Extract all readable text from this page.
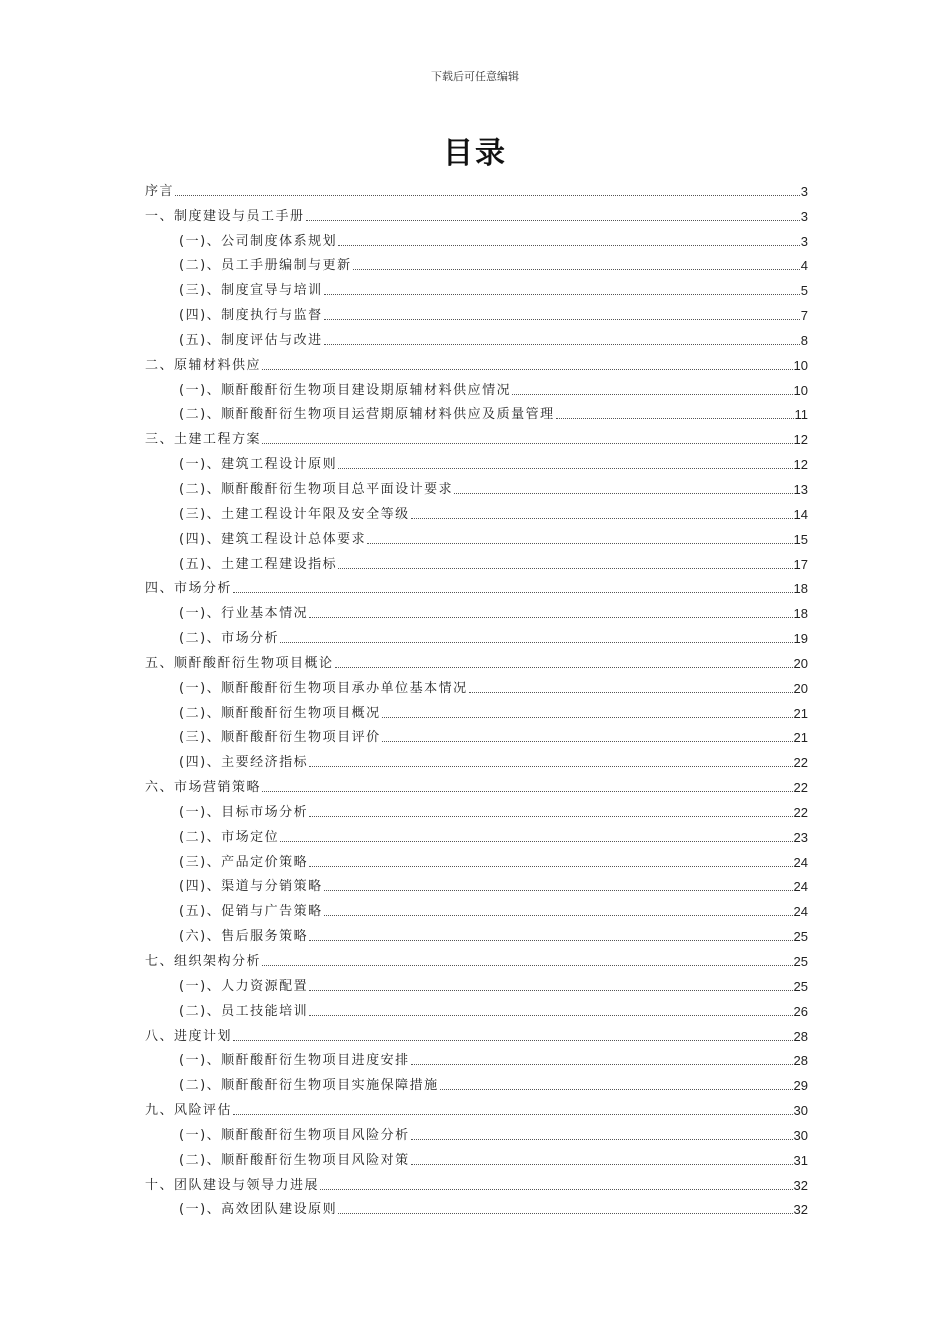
下载后可任意编辑
目录
序言	3
一、制度建设与员工手册	3
(一)、公司制度体系规划	3
(二)、员工手册编制与更新	4
(三)、制度宣导与培训	5
(四)、制度执行与监督	7
(五)、制度评估与改进	8
二、原辅材料供应	10
(一)、顺酐酸酐衍生物项目建设期原辅材料供应情况	10
(二)、顺酐酸酐衍生物项目运营期原辅材料供应及质量管理	11
三、土建工程方案	12
(一)、建筑工程设计原则	12
(二)、顺酐酸酐衍生物项目总平面设计要求	13
(三)、土建工程设计年限及安全等级	14
(四)、建筑工程设计总体要求	15
(五)、土建工程建设指标	17
四、市场分析	18
(一)、行业基本情况	18
(二)、市场分析	19
五、顺酐酸酐衍生物项目概论	20
(一)、顺酐酸酐衍生物项目承办单位基本情况	20
(二)、顺酐酸酐衍生物项目概况	21
(三)、顺酐酸酐衍生物项目评价	21
(四)、主要经济指标	22
六、市场营销策略	22
(一)、目标市场分析	22
(二)、市场定位	23
(三)、产品定价策略	24
(四)、渠道与分销策略	24
(五)、促销与广告策略	24
(六)、售后服务策略	25
七、组织架构分析	25
(一)、人力资源配置	25
(二)、员工技能培训	26
八、进度计划	28
(一)、顺酐酸酐衍生物项目进度安排	28
(二)、顺酐酸酐衍生物项目实施保障措施	29
九、风险评估	30
(一)、顺酐酸酐衍生物项目风险分析	30
(二)、顺酐酸酐衍生物项目风险对策	31
十、团队建设与领导力进展	32
(一)、高效团队建设原则	32
